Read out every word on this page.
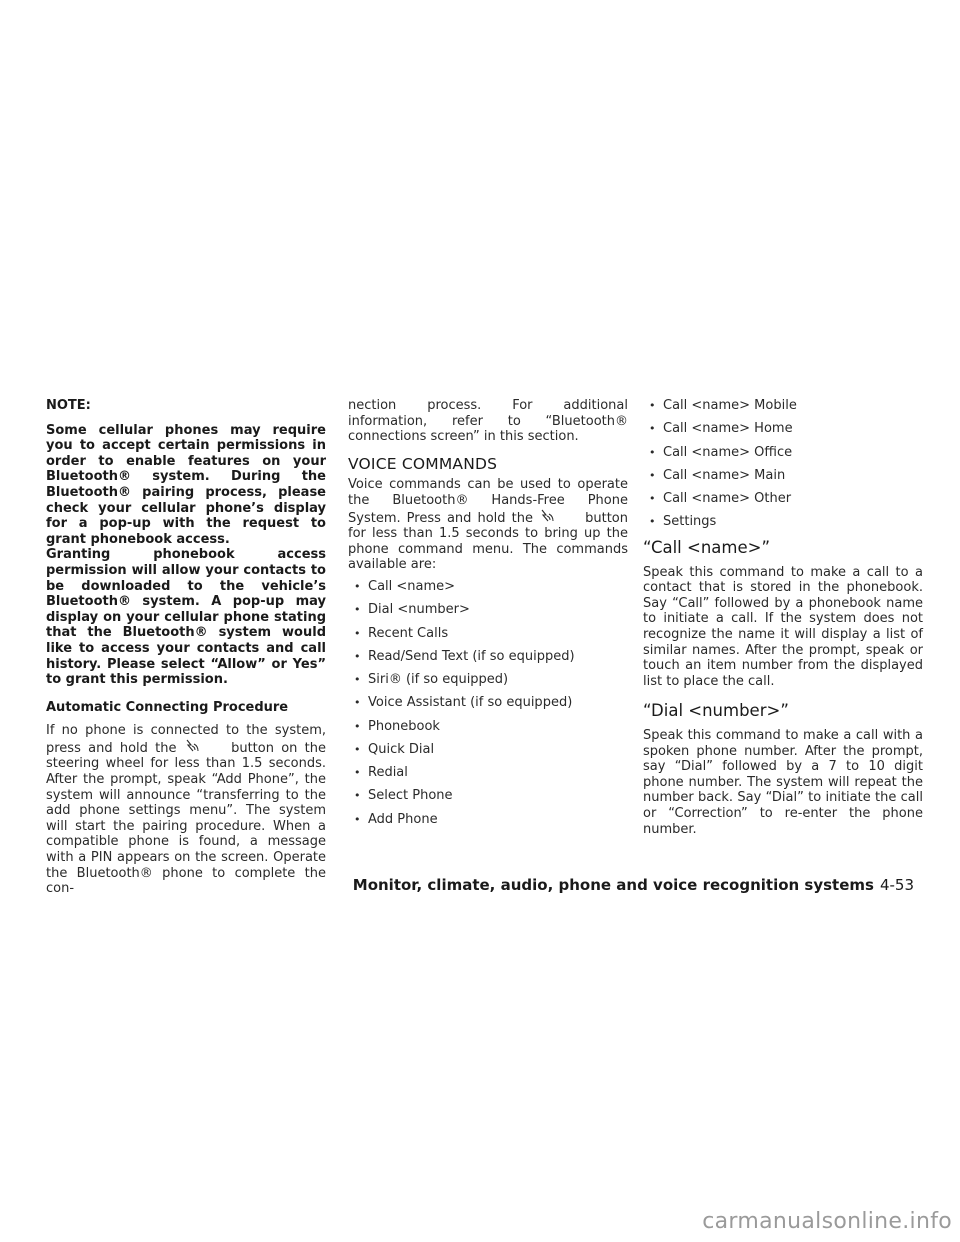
NOTE:

Some cellular phones may require you to accept certain permissions in order to enable features on your Bluetooth® system. During the Bluetooth® pairing process, please check your cellular phone’s display for a pop-up with the request to grant phonebook access.

Granting phonebook access permission will allow your contacts to be downloaded to the vehicle’s Bluetooth® system. A pop-up may display on your cellular phone stating that the Bluetooth® system would like to access your contacts and call history. Please select “Allow” or Yes” to grant this permission.

Automatic Connecting Procedure

If no phone is connected to the system, press and hold the	button on the steering wheel for less than 1.5 seconds. After the prompt, speak “Add Phone”, the system will announce “transferring to the add phone settings menu”. The system will start the pairing procedure. When a compatible phone is found, a message with a PIN appears on the screen. Operate the Bluetooth® phone to complete the con-

nection process. For additional information, refer to “Bluetooth® connections screen” in this section.

VOICE COMMANDS

Voice commands can be used to operate the Bluetooth® Hands-Free Phone System. Press and hold the	button for less than 1.5 seconds to bring up the phone command menu. The commands available are:

• Call <name>
• Dial <number>
• Recent Calls
• Read/Send Text (if so equipped)
• Siri® (if so equipped)
• Voice Assistant (if so equipped)
• Phonebook
• Quick Dial
• Redial
• Select Phone
• Add Phone
• Call <name> Mobile
• Call <name> Home
• Call <name> Office
• Call <name> Main
• Call <name> Other
• Settings
“Call <name>”

Speak this command to make a call to a contact that is stored in the phonebook. Say “Call” followed by a phonebook name to initiate a call. If the system does not recognize the name it will display a list of similar names. After the prompt, speak or touch an item number from the displayed list to place the call.

“Dial <number>”

Speak this command to make a call with a spoken phone number. After the prompt, say “Dial” followed by a 7 to 10 digit phone number. The system will repeat the number back. Say “Dial” to initiate the call or “Correction” to re-enter the phone number.

Monitor, climate, audio, phone and voice recognition systems 4-53
carmanualsonline.info
